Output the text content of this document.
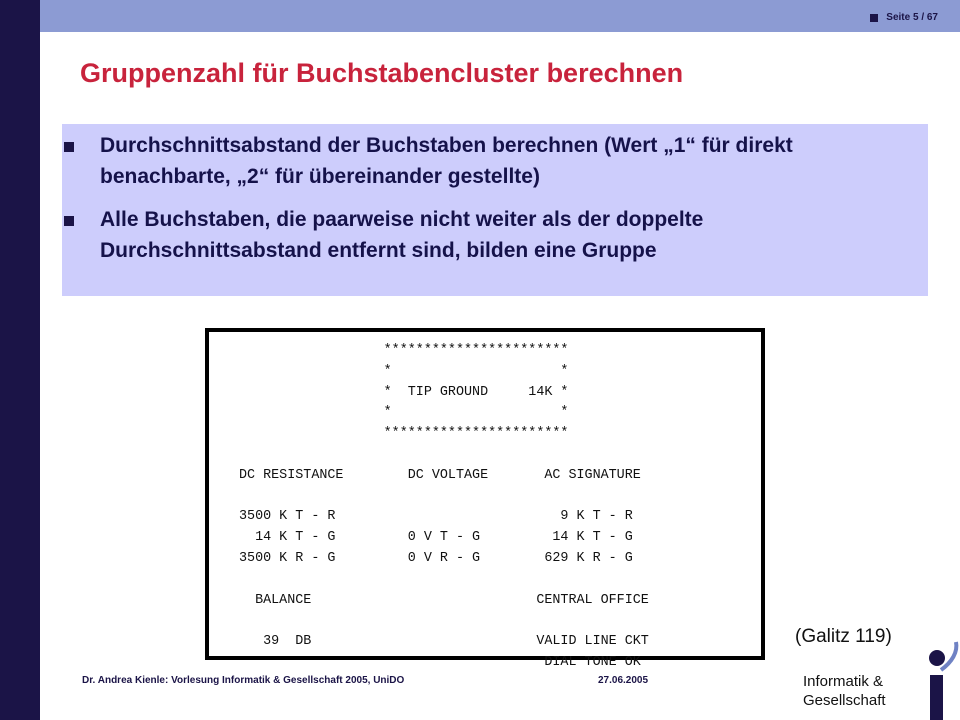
Seite 5 / 67
Gruppenzahl für Buchstabencluster berechnen
Durchschnittsabstand der Buchstaben berechnen (Wert „1“ für direkt benachbarte, „2“ für übereinander gestellte)
Alle Buchstaben, die paarweise nicht weiter als der doppelte Durchschnittsabstand entfernt sind, bilden eine Gruppe
***********************
*                     *
*  TIP GROUND     14K *
*                     *
***********************

DC RESISTANCE        DC VOLTAGE       AC SIGNATURE

3500 K T - R                            9 K T - R
14 K T - G         0 V T - G         14 K T - G
3500 K R - G         0 V R - G        629 K R - G

BALANCE                            CENTRAL OFFICE

39  DB                            VALID LINE CKT
DIAL TONE OK
(Galitz 119)
Dr. Andrea Kienle: Vorlesung Informatik & Gesellschaft 2005, UniDO	27.06.2005	Informatik &
Gesellschaft
